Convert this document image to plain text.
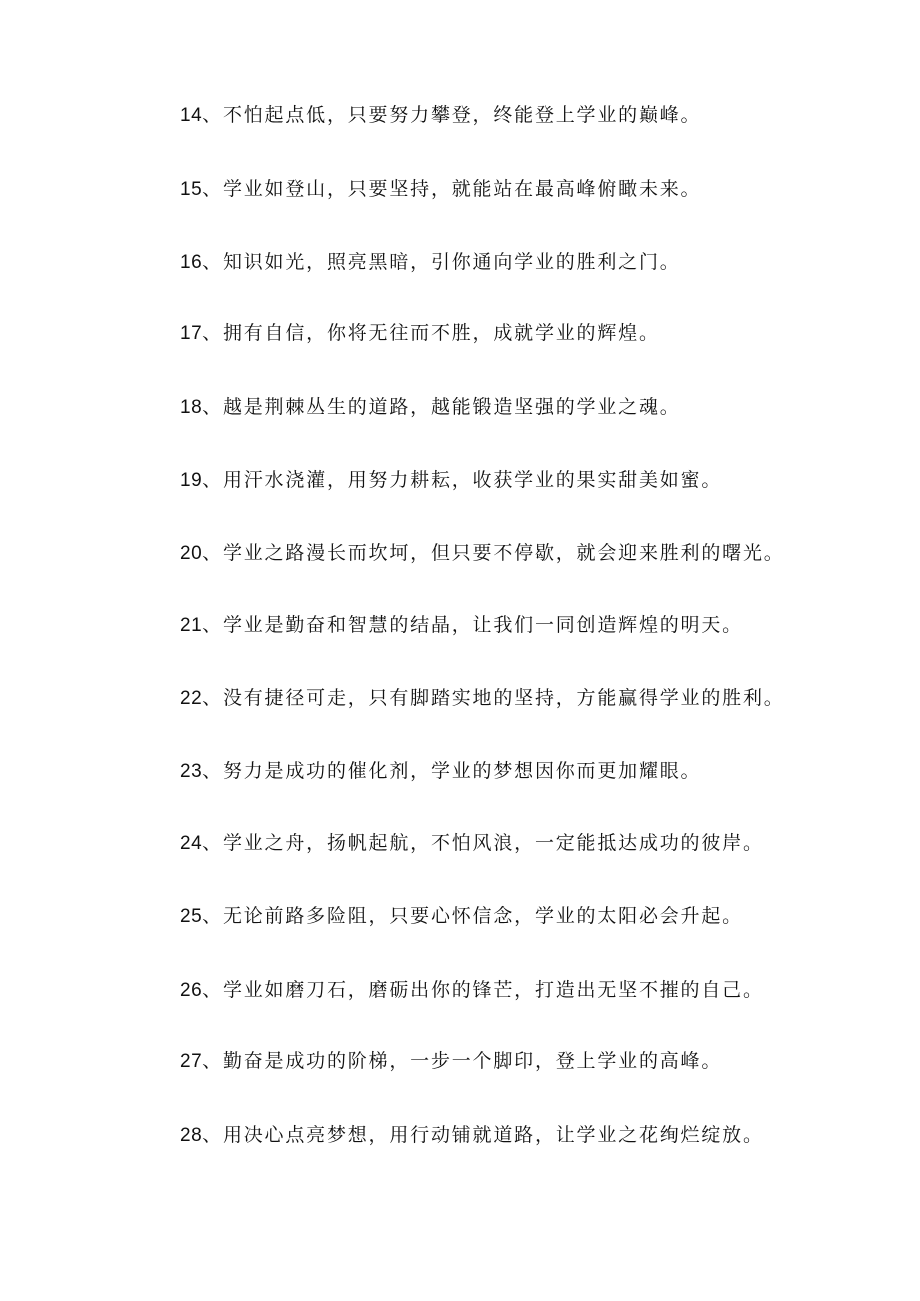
14、不怕起点低，只要努力攀登，终能登上学业的巅峰。
15、学业如登山，只要坚持，就能站在最高峰俯瞰未来。
16、知识如光，照亮黑暗，引你通向学业的胜利之门。
17、拥有自信，你将无往而不胜，成就学业的辉煌。
18、越是荆棘丛生的道路，越能锻造坚强的学业之魂。
19、用汗水浇灌，用努力耕耘，收获学业的果实甜美如蜜。
20、学业之路漫长而坎坷，但只要不停歇，就会迎来胜利的曙光。
21、学业是勤奋和智慧的结晶，让我们一同创造辉煌的明天。
22、没有捷径可走，只有脚踏实地的坚持，方能赢得学业的胜利。
23、努力是成功的催化剂，学业的梦想因你而更加耀眼。
24、学业之舟，扬帆起航，不怕风浪，一定能抵达成功的彼岸。
25、无论前路多险阻，只要心怀信念，学业的太阳必会升起。
26、学业如磨刀石，磨砺出你的锋芒，打造出无坚不摧的自己。
27、勤奋是成功的阶梯，一步一个脚印，登上学业的高峰。
28、用决心点亮梦想，用行动铺就道路，让学业之花绚烂绽放。
